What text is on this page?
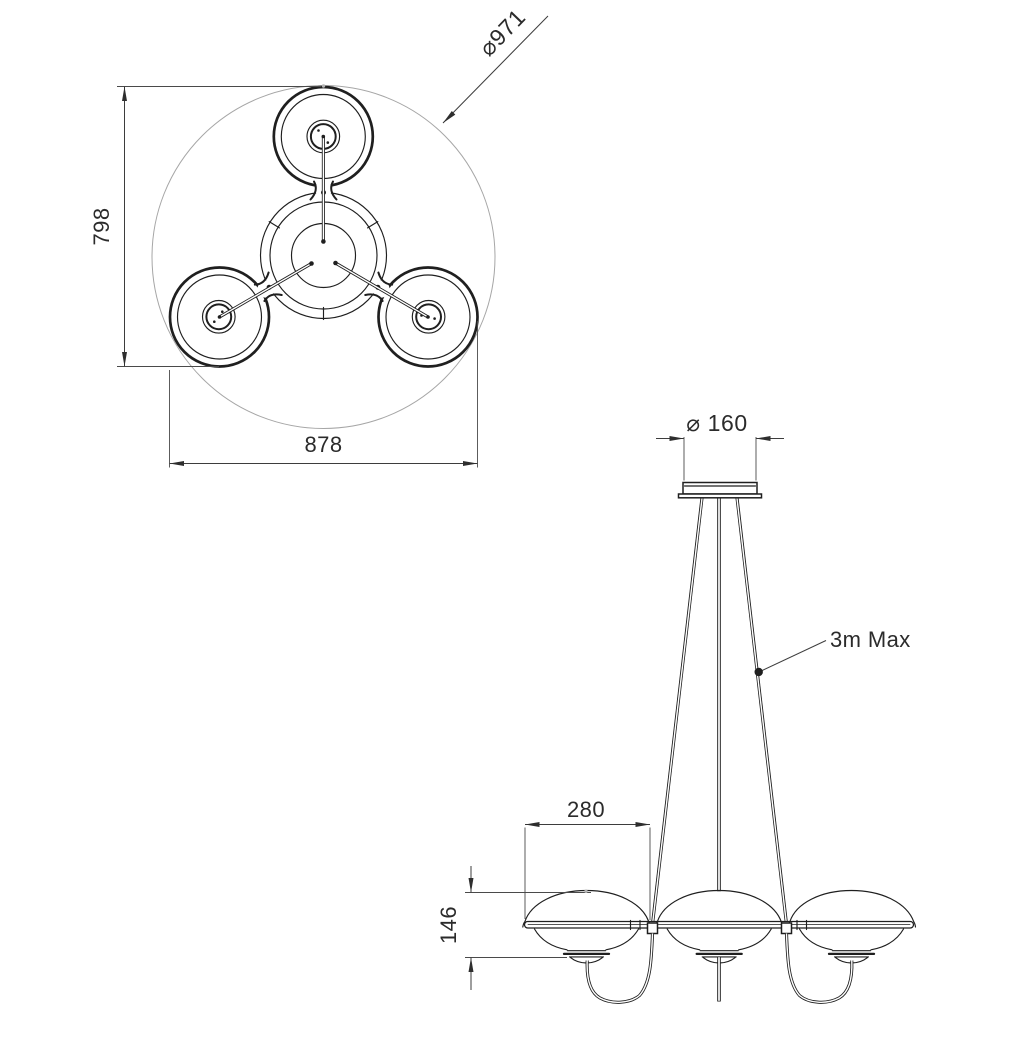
798
878
⌀971
⌀ 160
3m Max
280
146
